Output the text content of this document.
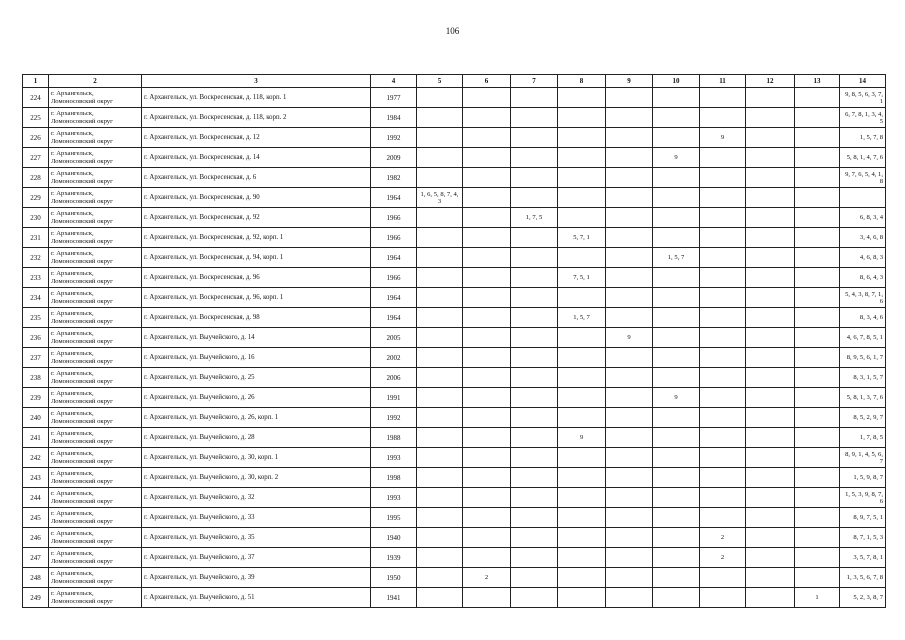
106
1	2	3	4	5	6	7	8	9	10	11	12	13	14
224	г. Архангельск,
Ломоносовский округ	г. Архангельск, ул. Воскресенская, д. 118, корп. 1	1977										9, 8, 5, 6, 3, 7, 1
225	г. Архангельск,
Ломоносовский округ	г. Архангельск, ул. Воскресенская, д. 118, корп. 2	1984										6, 7, 8, 1, 3, 4, 5
226	г. Архангельск,
Ломоносовский округ	г. Архангельск, ул. Воскресенская, д. 12	1992							9			1, 5, 7, 8
227	г. Архангельск,
Ломоносовский округ	г. Архангельск, ул. Воскресенская, д. 14	2009						9				5, 8, 1, 4, 7, 6
228	г. Архангельск,
Ломоносовский округ	г. Архангельск, ул. Воскресенская, д. 6	1982										9, 7, 6, 5, 4, 1, 8
229	г. Архангельск,
Ломоносовский округ	г. Архангельск, ул. Воскресенская, д. 90	1964	1, 6, 5, 8, 7, 4, 3									
230	г. Архангельск,
Ломоносовский округ	г. Архангельск, ул. Воскресенская, д. 92	1966			1, 7, 5							6, 8, 3, 4
231	г. Архангельск,
Ломоносовский округ	г. Архангельск, ул. Воскресенская, д. 92, корп. 1	1966				5, 7, 1						3, 4, 6, 8
232	г. Архангельск,
Ломоносовский округ	г. Архангельск, ул. Воскресенская, д. 94, корп. 1	1964						1, 5, 7				4, 6, 8, 3
233	г. Архангельск,
Ломоносовский округ	г. Архангельск, ул. Воскресенская, д. 96	1966				7, 5, 1						8, 6, 4, 3
234	г. Архангельск,
Ломоносовский округ	г. Архангельск, ул. Воскресенская, д. 96, корп. 1	1964										5, 4, 3, 8, 7, 1, 6
235	г. Архангельск,
Ломоносовский округ	г. Архангельск, ул. Воскресенская, д. 98	1964				1, 5, 7						8, 3, 4, 6
236	г. Архангельск,
Ломоносовский округ	г. Архангельск, ул. Выучейского, д. 14	2005					9					4, 6, 7, 8, 5, 1
237	г. Архангельск,
Ломоносовский округ	г. Архангельск, ул. Выучейского, д. 16	2002										8, 9, 5, 6, 1, 7
238	г. Архангельск,
Ломоносовский округ	г. Архангельск, ул. Выучейского, д. 25	2006										8, 3, 1, 5, 7
239	г. Архангельск,
Ломоносовский округ	г. Архангельск, ул. Выучейского, д. 26	1991						9				5, 8, 1, 3, 7, 6
240	г. Архангельск,
Ломоносовский округ	г. Архангельск, ул. Выучейского, д. 26, корп. 1	1992										8, 5, 2, 9, 7
241	г. Архангельск,
Ломоносовский округ	г. Архангельск, ул. Выучейского, д. 28	1988				9						1, 7, 8, 5
242	г. Архангельск,
Ломоносовский округ	г. Архангельск, ул. Выучейского, д. 30, корп. 1	1993										8, 9, 1, 4, 5, 6, 7
243	г. Архангельск,
Ломоносовский округ	г. Архангельск, ул. Выучейского, д. 30, корп. 2	1998										1, 5, 9, 8, 7
244	г. Архангельск,
Ломоносовский округ	г. Архангельск, ул. Выучейского, д. 32	1993										1, 5, 3, 9, 8, 7, 6
245	г. Архангельск,
Ломоносовский округ	г. Архангельск, ул. Выучейского, д. 33	1995										8, 9, 7, 5, 1
246	г. Архангельск,
Ломоносовский округ	г. Архангельск, ул. Выучейского, д. 35	1940							2			8, 7, 1, 5, 3
247	г. Архангельск,
Ломоносовский округ	г. Архангельск, ул. Выучейского, д. 37	1939							2			3, 5, 7, 8, 1
248	г. Архангельск,
Ломоносовский округ	г. Архангельск, ул. Выучейского, д. 39	1950		2								1, 3, 5, 6, 7, 8
249	г. Архангельск,
Ломоносовский округ	г. Архангельск, ул. Выучейского, д. 51	1941									1	5, 2, 3, 8, 7
